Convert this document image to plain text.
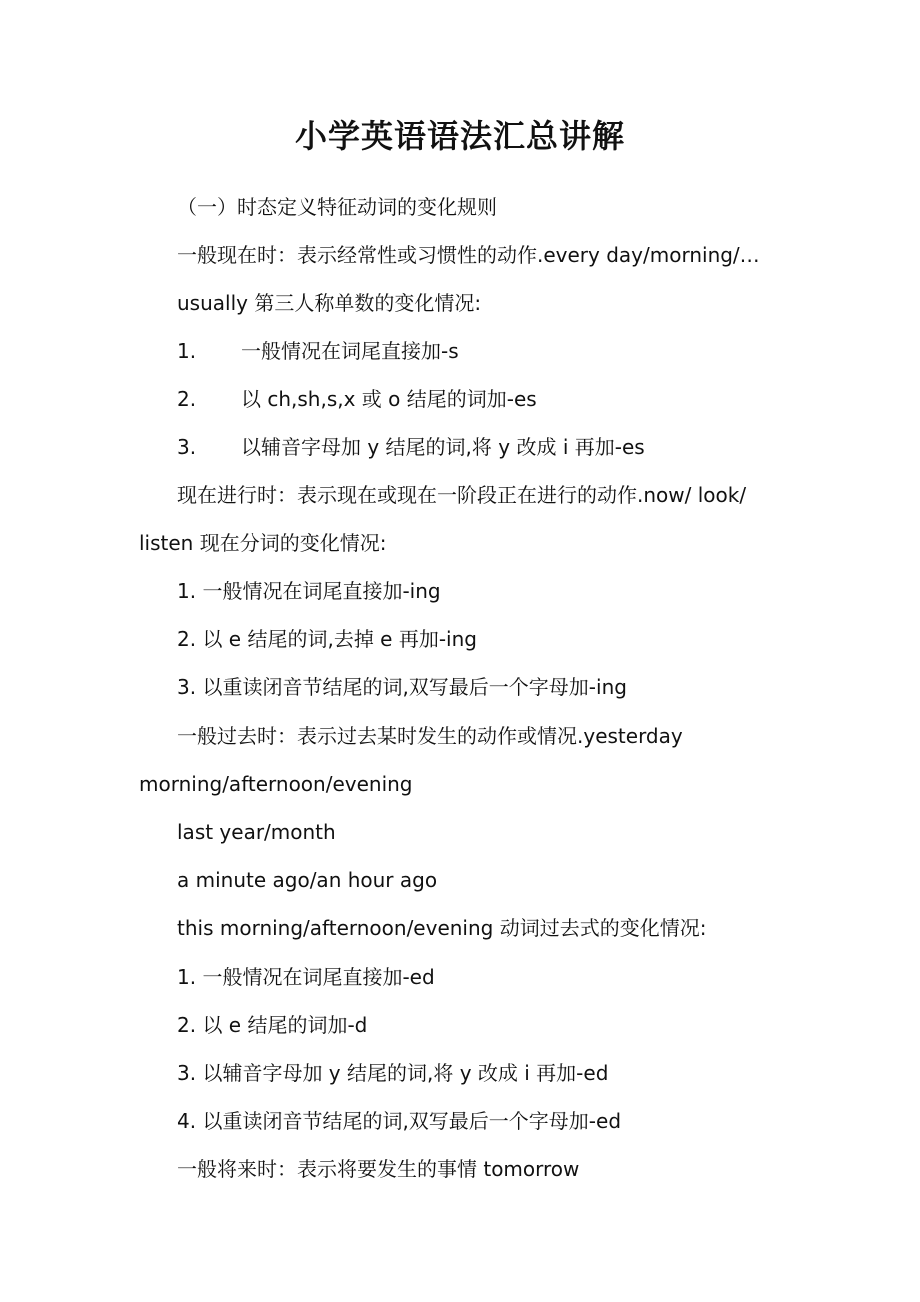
小学英语语法汇总讲解
（一）时态定义特征动词的变化规则
一般现在时：表示经常性或习惯性的动作.every day/morning/…
usually 第三人称单数的变化情况:
1. 一般情况在词尾直接加-s
2. 以 ch,sh,s,x 或 o 结尾的词加-es
3. 以辅音字母加 y 结尾的词,将 y 改成 i 再加-es
现在进行时：表示现在或现在一阶段正在进行的动作.now/ look/
listen 现在分词的变化情况:
1. 一般情况在词尾直接加-ing
2. 以 e 结尾的词,去掉 e 再加-ing
3. 以重读闭音节结尾的词,双写最后一个字母加-ing
一般过去时：表示过去某时发生的动作或情况.yesterday
morning/afternoon/evening
last year/month
a minute ago/an hour ago
this morning/afternoon/evening 动词过去式的变化情况:
1. 一般情况在词尾直接加-ed
2. 以 e 结尾的词加-d
3. 以辅音字母加 y 结尾的词,将 y 改成 i 再加-ed
4. 以重读闭音节结尾的词,双写最后一个字母加-ed
一般将来时：表示将要发生的事情 tomorrow
